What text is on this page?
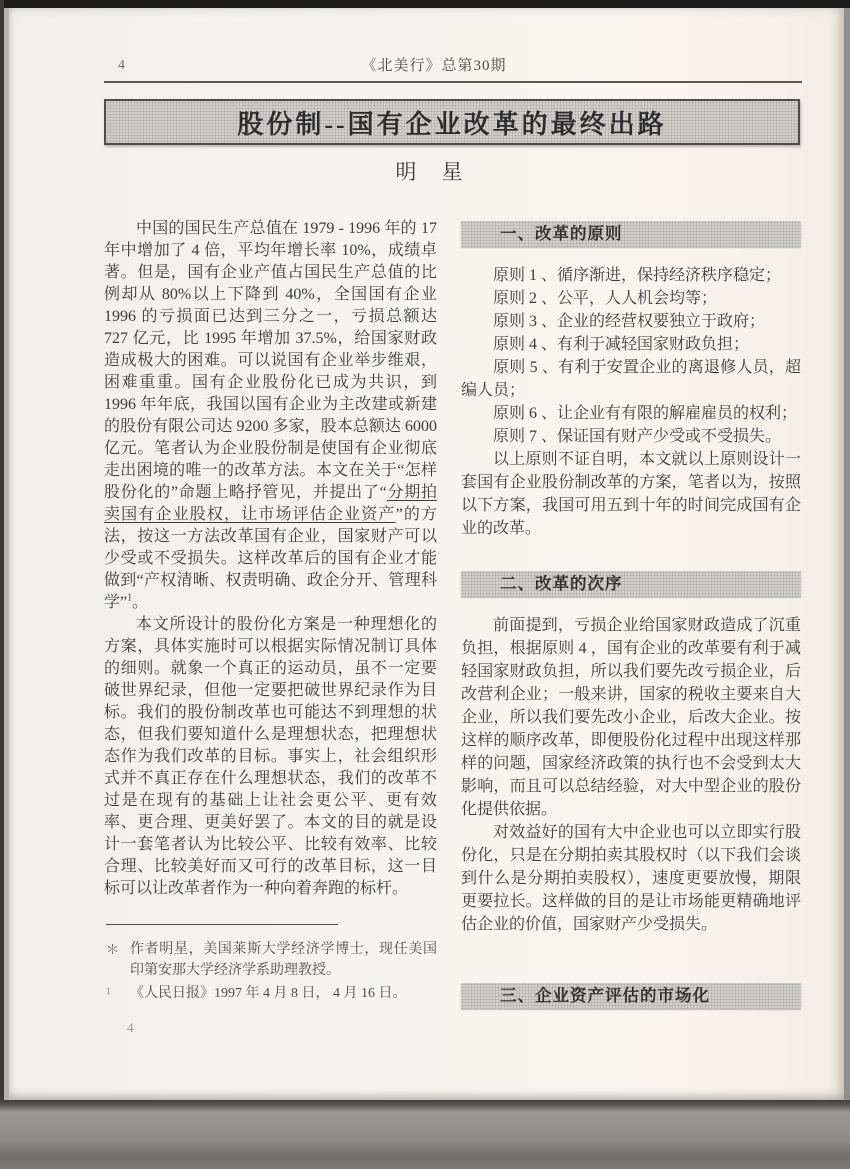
4	《北美行》总第30期
股份制--国有企业改革的最终出路
明 星

中国的国民生产总值在 1979 - 1996 年的 17 年中增加了 4 倍，平均年增长率 10%，成绩卓著。但是，国有企业产值占国民生产总值的比例却从 80%以上下降到 40%，全国国有企业 1996 的亏损面已达到三分之一，亏损总额达 727 亿元，比 1995 年增加 37.5%，给国家财政造成极大的困难。可以说国有企业举步维艰，困难重重。国有企业股份化已成为共识，到 1996 年年底，我国以国有企业为主改建或新建的股份有限公司达 9200 多家，股本总额达 6000 亿元。笔者认为企业股份制是使国有企业彻底走出困境的唯一的改革方法。本文在关于“怎样股份化的”命题上略抒管见，并提出了“分期拍卖国有企业股权，让市场评估企业资产”的方法，按这一方法改革国有企业，国家财产可以少受或不受损失。这样改革后的国有企业才能做到“产权清晰、权责明确、政企分开、管理科学”$^1$。

本文所设计的股份化方案是一种理想化的方案，具体实施时可以根据实际情况制订具体的细则。就象一个真正的运动员，虽不一定要破世界纪录，但他一定要把破世界纪录作为目标。我们的股份制改革也可能达不到理想的状态，但我们要知道什么是理想状态，把理想状态作为我们改革的目标。事实上，社会组织形式并不真正存在什么理想状态，我们的改革不过是在现有的基础上让社会更公平、更有效率、更合理、更美好罢了。本文的目的就是设计一套笔者认为比较公平、比较有效率、比较合理、比较美好而又可行的改革目标，这一目标可以让改革者作为一种向着奔跑的标杆。

＊ 作者明星，美国莱斯大学经济学博士，现任美国印第安那大学经济学系助理教授。
1 《人民日报》1997 年 4 月 8 日， 4 月 16 日。

一、改革的原则

原则 1 、循序渐进，保持经济秩序稳定；

原则 2 、公平，人人机会均等；

原则 3 、企业的经营权要独立于政府；

原则 4 、有利于减轻国家财政负担；

原则 5 、有利于安置企业的离退修人员，超编人员；

原则 6 、让企业有有限的解雇雇员的权利；

原则 7 、保证国有财产少受或不受损失。

以上原则不证自明，本文就以上原则设计一套国有企业股份制改革的方案，笔者以为，按照以下方案，我国可用五到十年的时间完成国有企业的改革。

二、改革的次序

前面提到，亏损企业给国家财政造成了沉重负担，根据原则 4 ，国有企业的改革要有利于减轻国家财政负担，所以我们要先改亏损企业，后改营利企业；一般来讲，国家的税收主要来自大企业，所以我们要先改小企业，后改大企业。按这样的顺序改革，即便股份化过程中出现这样那样的问题，国家经济政策的执行也不会受到太大影响，而且可以总结经验，对大中型企业的股份化提供依据。

对效益好的国有大中企业也可以立即实行股份化，只是在分期拍卖其股权时（以下我们会谈到什么是分期拍卖股权），速度更要放慢，期限更要拉长。这样做的目的是让市场能更精确地评估企业的价值，国家财产少受损失。

三、企业资产评估的市场化

4
